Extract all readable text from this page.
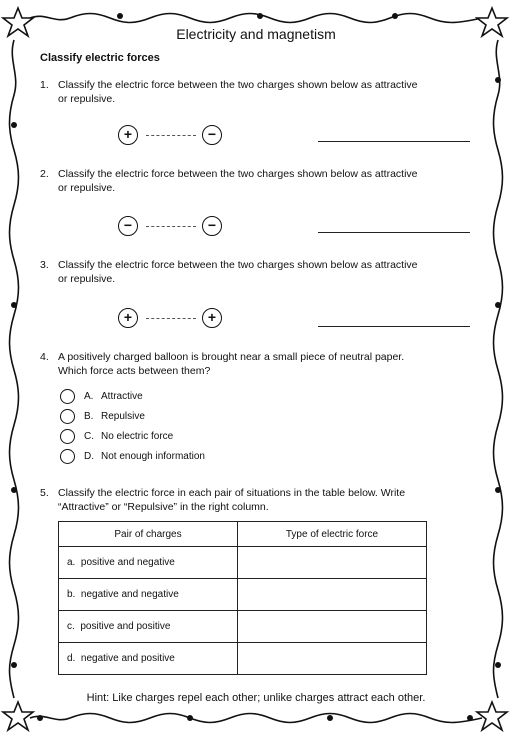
Electricity and magnetism
Classify electric forces
1. Classify the electric force between the two charges shown below as attractive or repulsive.
+	−
2. Classify the electric force between the two charges shown below as attractive or repulsive.
−	−
3. Classify the electric force between the two charges shown below as attractive or repulsive.
+	+
4. A positively charged balloon is brought near a small piece of neutral paper. Which force acts between them?
A. Attractive
B. Repulsive
C. No electric force
D. Not enough information
5. Classify the electric force in each pair of situations in the table below. Write “Attractive” or “Repulsive” in the right column.
Pair of charges	Type of electric force
a. positive and negative	
b. negative and negative	
c. positive and positive	
d. negative and positive	
Hint: Like charges repel each other; unlike charges attract each other.
